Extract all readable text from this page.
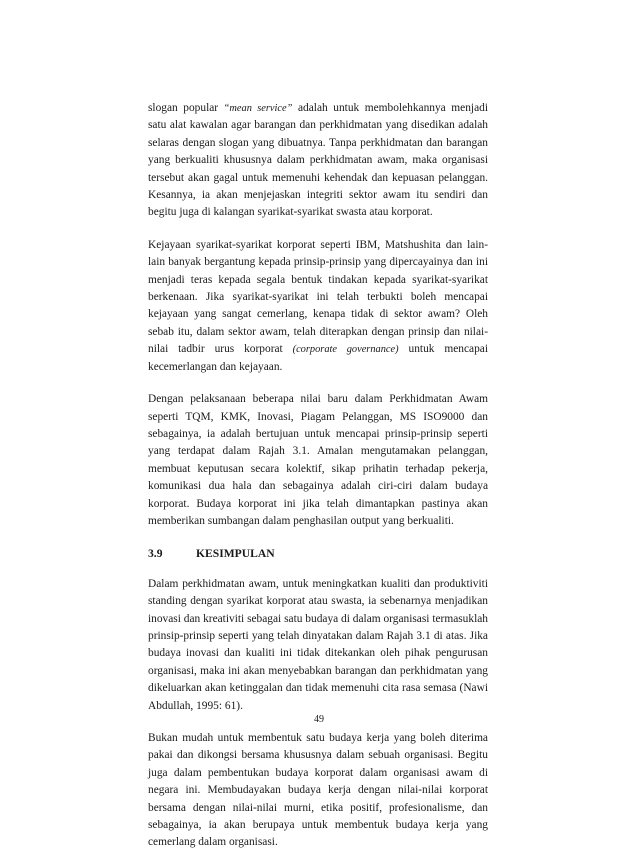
slogan popular “mean service” adalah untuk membolehkannya menjadi satu alat kawalan agar barangan dan perkhidmatan yang disedikan adalah selaras dengan slogan yang dibuatnya. Tanpa perkhidmatan dan barangan yang berkualiti khususnya dalam perkhidmatan awam, maka organisasi tersebut akan gagal untuk memenuhi kehendak dan kepuasan pelanggan. Kesannya, ia akan menjejaskan integriti sektor awam itu sendiri dan begitu juga di kalangan syarikat-syarikat swasta atau korporat.

Kejayaan syarikat-syarikat korporat seperti IBM, Matshushita dan lain-lain banyak bergantung kepada prinsip-prinsip yang dipercayainya dan ini menjadi teras kepada segala bentuk tindakan kepada syarikat-syarikat berkenaan. Jika syarikat-syarikat ini telah terbukti boleh mencapai kejayaan yang sangat cemerlang, kenapa tidak di sektor awam? Oleh sebab itu, dalam sektor awam, telah diterapkan dengan prinsip dan nilai-nilai tadbir urus korporat (corporate governance) untuk mencapai kecemerlangan dan kejayaan.

Dengan pelaksanaan beberapa nilai baru dalam Perkhidmatan Awam seperti TQM, KMK, Inovasi, Piagam Pelanggan, MS ISO9000 dan sebagainya, ia adalah bertujuan untuk mencapai prinsip-prinsip seperti yang terdapat dalam Rajah 3.1. Amalan mengutamakan pelanggan, membuat keputusan secara kolektif, sikap prihatin terhadap pekerja, komunikasi dua hala dan sebagainya adalah ciri-ciri dalam budaya korporat. Budaya korporat ini jika telah dimantapkan pastinya akan memberikan sumbangan dalam penghasilan output yang berkualiti.

3.9	KESIMPULAN

Dalam perkhidmatan awam, untuk meningkatkan kualiti dan produktiviti standing dengan syarikat korporat atau swasta, ia sebenarnya menjadikan inovasi dan kreativiti sebagai satu budaya di dalam organisasi termasuklah prinsip-prinsip seperti yang telah dinyatakan dalam Rajah 3.1 di atas. Jika budaya inovasi dan kualiti ini tidak ditekankan oleh pihak pengurusan organisasi, maka ini akan menyebabkan barangan dan perkhidmatan yang dikeluarkan akan ketinggalan dan tidak memenuhi cita rasa semasa (Nawi Abdullah, 1995: 61).

Bukan mudah untuk membentuk satu budaya kerja yang boleh diterima pakai dan dikongsi bersama khususnya dalam sebuah organisasi. Begitu juga dalam pembentukan budaya korporat dalam organisasi awam di negara ini. Membudayakan budaya kerja dengan nilai-nilai korporat bersama dengan nilai-nilai murni, etika positif, profesionalisme, dan sebagainya, ia akan berupaya untuk membentuk budaya kerja yang cemerlang dalam organisasi.

49
